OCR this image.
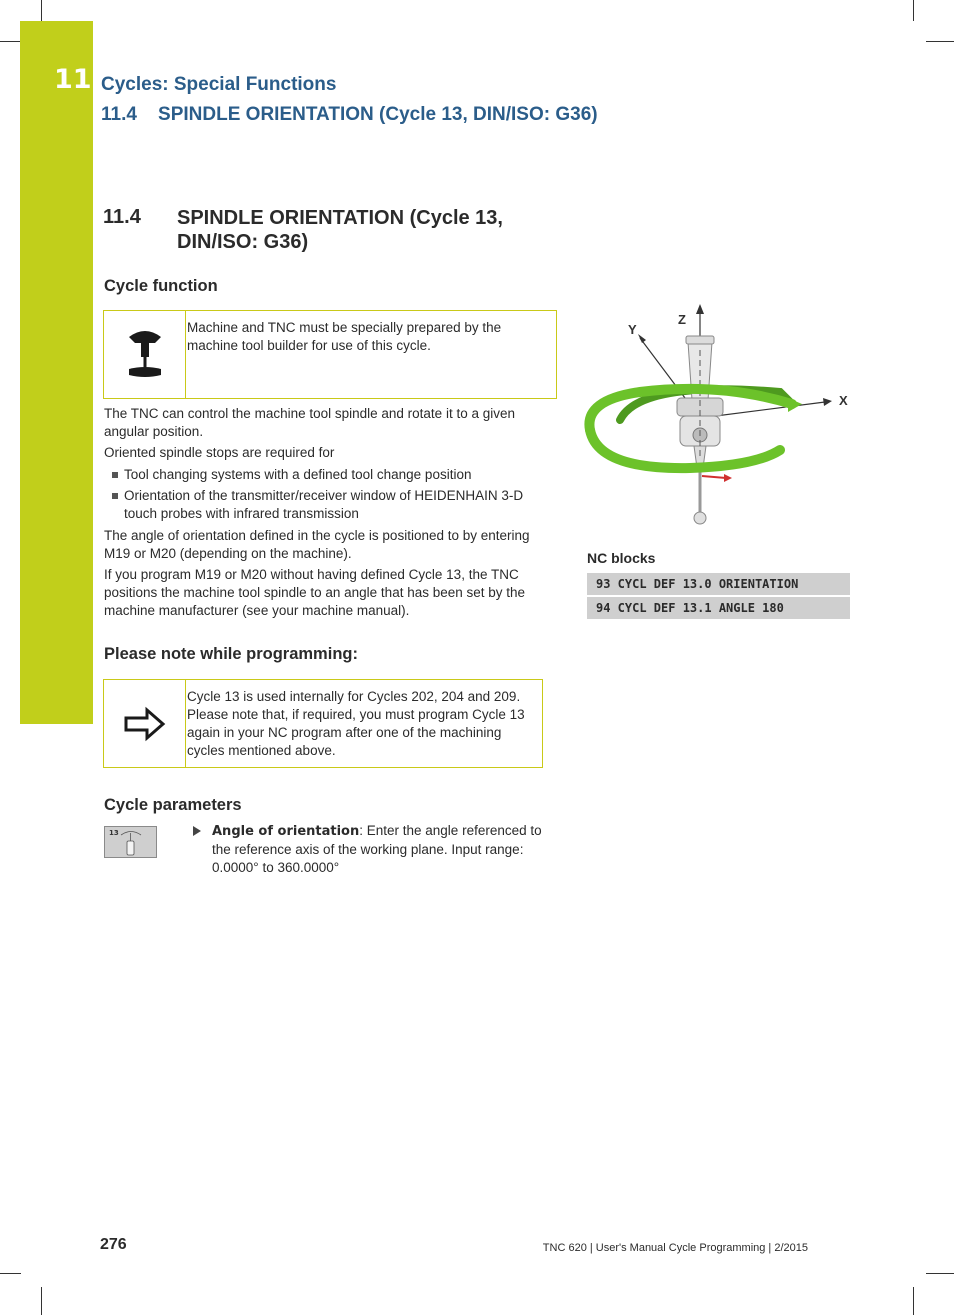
11 Cycles: Special Functions
11.4    SPINDLE ORIENTATION (Cycle 13, DIN/ISO: G36)
11.4 SPINDLE ORIENTATION (Cycle 13, DIN/ISO: G36)
Cycle function
Machine and TNC must be specially prepared by the machine tool builder for use of this cycle.
The TNC can control the machine tool spindle and rotate it to a given angular position.
Oriented spindle stops are required for
Tool changing systems with a defined tool change position
Orientation of the transmitter/receiver window of HEIDENHAIN 3-D touch probes with infrared transmission
The angle of orientation defined in the cycle is positioned to by entering M19 or M20 (depending on the machine).
If you program M19 or M20 without having defined Cycle 13, the TNC positions the machine tool spindle to an angle that has been set by the machine manufacturer (see your machine manual).
Z
Y
X
NC blocks
93 CYCL DEF 13.0 ORIENTATION
94 CYCL DEF 13.1 ANGLE 180
Please note while programming:
Cycle 13 is used internally for Cycles 202, 204 and 209. Please note that, if required, you must program Cycle 13 again in your NC program after one of the machining cycles mentioned above.
Cycle parameters
13	Angle of orientation: Enter the angle referenced to the reference axis of the working plane. Input range: 0.0000° to 360.0000°
276	TNC 620 | User's Manual Cycle Programming | 2/2015
